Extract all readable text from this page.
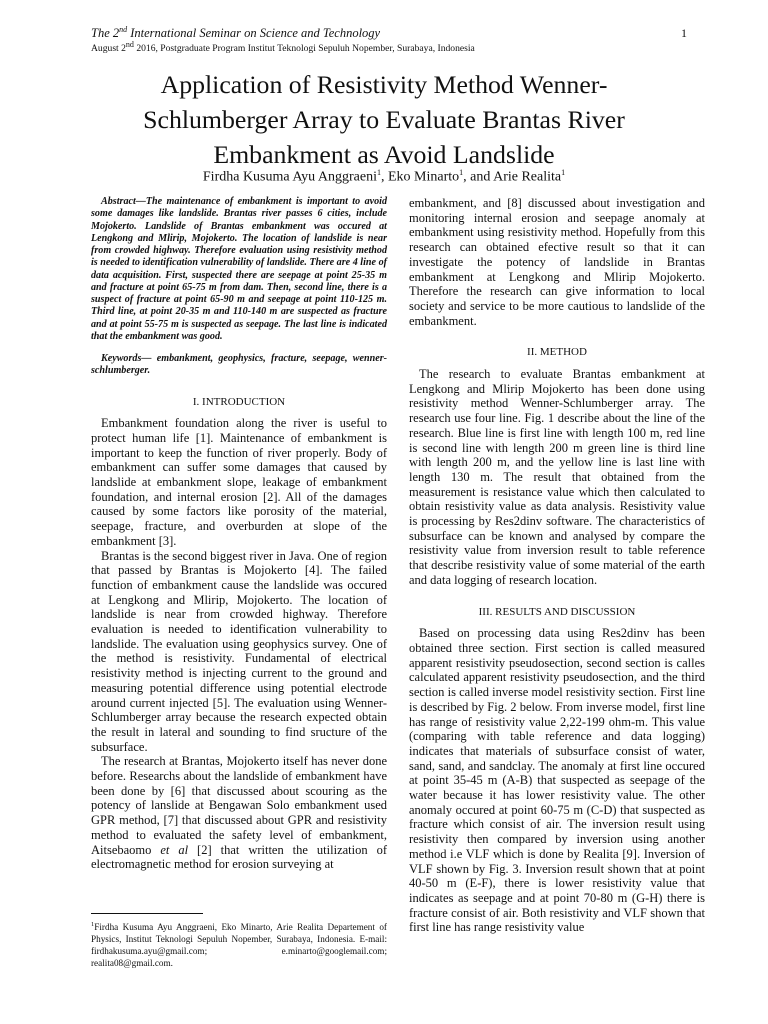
The 2nd International Seminar on Science and Technology
August 2nd 2016, Postgraduate Program Institut Teknologi Sepuluh Nopember, Surabaya, Indonesia
1
Application of Resistivity Method Wenner-
Schlumberger Array to Evaluate Brantas River
Embankment as Avoid Landslide
Firdha Kusuma Ayu Anggraeni$^1$, Eko Minarto$^1$, and Arie Realita$^1$

Abstract—The maintenance of embankment is important to avoid some damages like landslide. Brantas river passes 6 cities, include Mojokerto. Landslide of Brantas embankment was occured at Lengkong and Mlirip, Mojokerto. The location of landslide is near from crowded highway. Therefore evaluation using resistivity method is needed to identification vulnerability of landslide. There are 4 line of data acquisition. First, suspected there are seepage at point 25-35 m and fracture at point 65-75 m from dam. Then, second line, there is a suspect of fracture at point 65-90 m and seepage at point 110-125 m. Third line, at point 20-35 m and 110-140 m are suspected as fracture and at point 55-75 m is suspected as seepage. The last line is indicated that the embankment was good.

Keywords— embankment, geophysics, fracture, seepage, wenner-schlumberger.

I. INTRODUCTION

Embankment foundation along the river is useful to protect human life [1]. Maintenance of embankment is important to keep the function of river properly. Body of embankment can suffer some damages that caused by landslide at embankment slope, leakage of embankment foundation, and internal erosion [2]. All of the damages caused by some factors like porosity of the material, seepage, fracture, and overburden at slope of the embankment [3].

Brantas is the second biggest river in Java. One of region that passed by Brantas is Mojokerto [4]. The failed function of embankment cause the landslide was occured at Lengkong and Mlirip, Mojokerto. The location of landslide is near from crowded highway. Therefore evaluation is needed to identification vulnerability to landslide. The evaluation using geophysics survey. One of the method is resistivity. Fundamental of electrical resistivity method is injecting current to the ground and measuring potential difference using potential electrode around current injected [5]. The evaluation using Wenner-Schlumberger array because the research expected obtain the result in lateral and sounding to find sructure of the subsurface.

The research at Brantas, Mojokerto itself has never done before. Researchs about the landslide of embankment have been done by [6] that discussed about scouring as the potency of lanslide at Bengawan Solo embankment used GPR method, [7] that discussed about GPR and resistivity method to evaluated the safety level of embankment, Aitsebaomo et al [2] that written the utilization of electromagnetic method for erosion surveying at

$^1$Firdha Kusuma Ayu Anggraeni, Eko Minarto, Arie Realita Departement of Physics, Institut Teknologi Sepuluh Nopember, Surabaya, Indonesia. E-mail: firdhakusuma.ayu@gmail.com; e.minarto@googlemail.com; realita08@gmail.com.

embankment, and [8] discussed about investigation and monitoring internal erosion and seepage anomaly at embankment using resistivity method. Hopefully from this research can obtained efective result so that it can investigate the potency of landslide in Brantas embankment at Lengkong and Mlirip Mojokerto. Therefore the research can give information to local society and service to be more cautious to landslide of the embankment.

II. METHOD

The research to evaluate Brantas embankment at Lengkong and Mlirip Mojokerto has been done using resistivity method Wenner-Schlumberger array. The research use four line. Fig. 1 describe about the line of the research. Blue line is first line with length 100 m, red line is second line with length 200 m green line is third line with length 200 m, and the yellow line is last line with length 130 m. The result that obtained from the measurement is resistance value which then calculated to obtain resistivity value as data analysis. Resistivity value is processing by Res2dinv software. The characteristics of subsurface can be known and analysed by compare the resistivity value from inversion result to table reference that describe resistivity value of some material of the earth and data logging of research location.

III. RESULTS AND DISCUSSION

Based on processing data using Res2dinv has been obtained three section. First section is called measured apparent resistivity pseudosection, second section is calles calculated apparent resistivity pseudosection, and the third section is called inverse model resistivity section. First line is described by Fig. 2 below. From inverse model, first line has range of resistivity value 2,22-199 ohm-m. This value (comparing with table reference and data logging) indicates that materials of subsurface consist of water, sand, sand, and sandclay. The anomaly at first line occured at point 35-45 m (A-B) that suspected as seepage of the water because it has lower resistivity value. The other anomaly occured at point 60-75 m (C-D) that suspected as fracture which consist of air. The inversion result using resistivity then compared by inversion using another method i.e VLF which is done by Realita [9]. Inversion of VLF shown by Fig. 3. Inversion result shown that at point 40-50 m (E-F), there is lower resistivity value that indicates as seepage and at point 70-80 m (G-H) there is fracture consist of air. Both resistivity and VLF shown that first line has range resistivity value
